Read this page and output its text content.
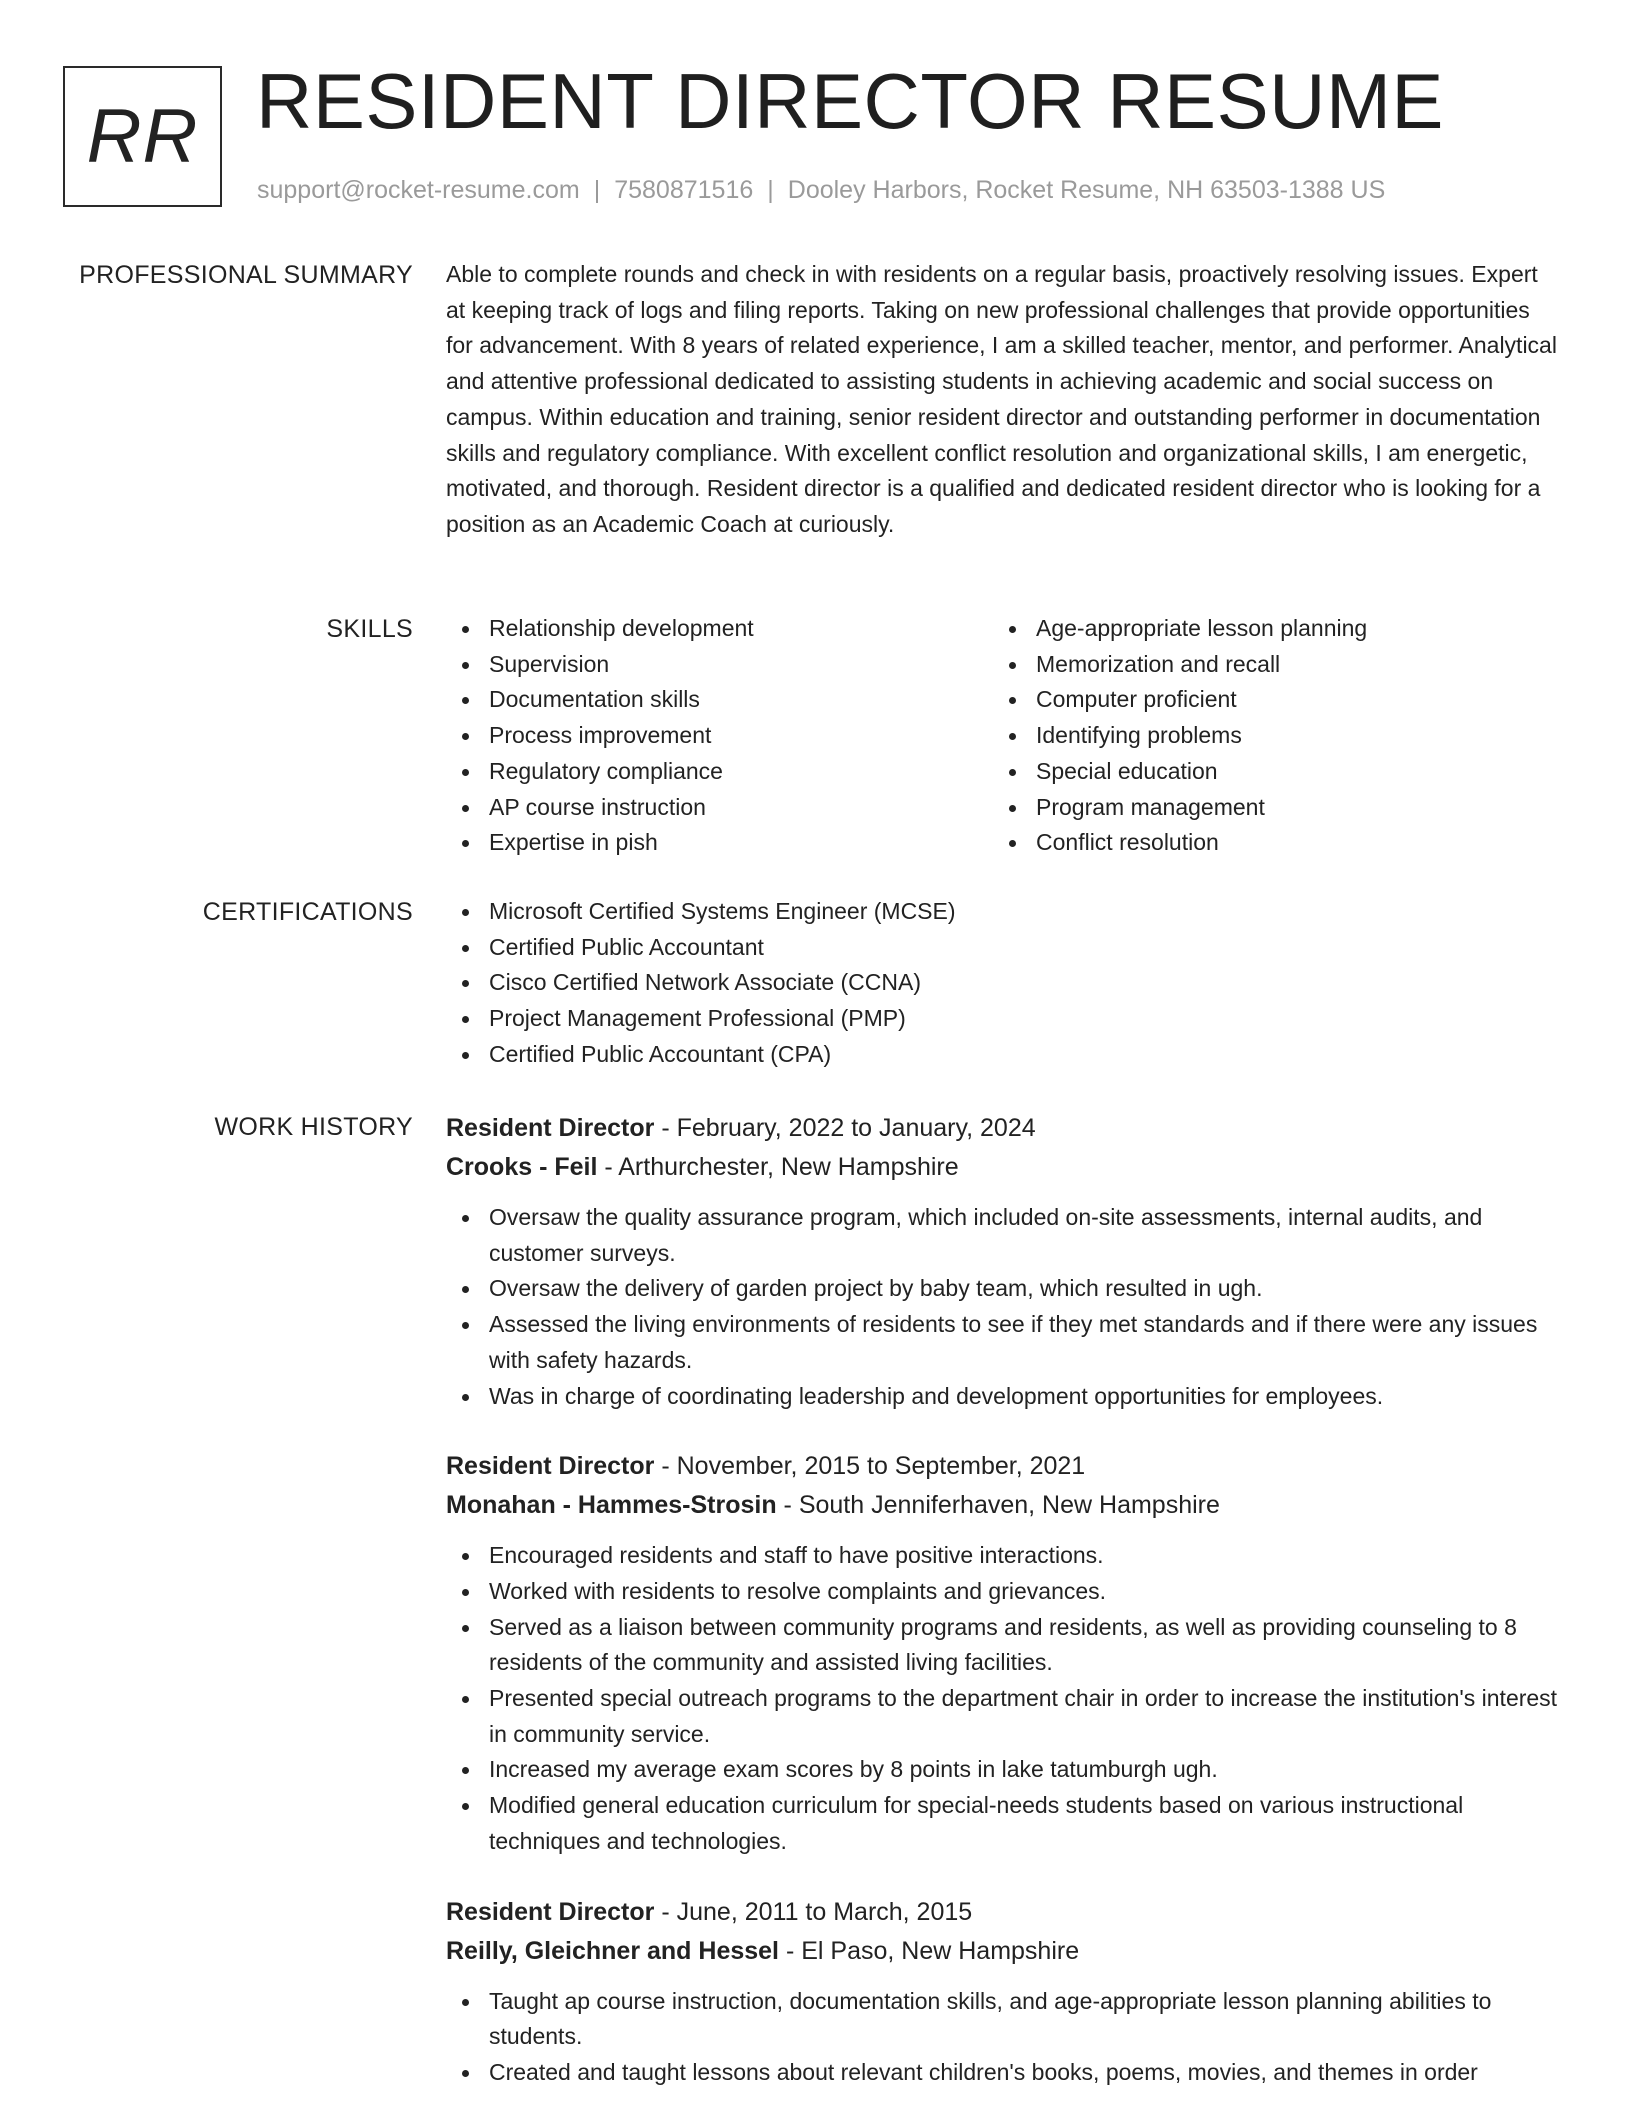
RR RESIDENT DIRECTOR RESUME
support@rocket-resume.com | 7580871516 | Dooley Harbors, Rocket Resume, NH 63503-1388 US
PROFESSIONAL SUMMARY Able to complete rounds and check in with residents on a regular basis, proactively resolving issues. Expert at keeping track of logs and filing reports. Taking on new professional challenges that provide opportunities for advancement. With 8 years of related experience, I am a skilled teacher, mentor, and performer. Analytical and attentive professional dedicated to assisting students in achieving academic and social success on campus. Within education and training, senior resident director and outstanding performer in documentation skills and regulatory compliance. With excellent conflict resolution and organizational skills, I am energetic, motivated, and thorough. Resident director is a qualified and dedicated resident director who is looking for a position as an Academic Coach at curiously.

SKILLS	Relationship development
Supervision
Documentation skills
Process improvement
Regulatory compliance
AP course instruction
Expertise in pish
Age-appropriate lesson planning
Memorization and recall
Computer proficient
Identifying problems
Special education
Program management
Conflict resolution
CERTIFICATIONS	Microsoft Certified Systems Engineer (MCSE)
Certified Public Accountant
Cisco Certified Network Associate (CCNA)
Project Management Professional (PMP)
Certified Public Accountant (CPA)
WORK HISTORY Resident Director - February, 2022 to January, 2024
Crooks - Feil - Arthurchester, New Hampshire
Oversaw the quality assurance program, which included on-site assessments, internal audits, and customer surveys.
Oversaw the delivery of garden project by baby team, which resulted in ugh.
Assessed the living environments of residents to see if they met standards and if there were any issues with safety hazards.
Was in charge of coordinating leadership and development opportunities for employees.
Resident Director - November, 2015 to September, 2021
Monahan - Hammes-Strosin - South Jenniferhaven, New Hampshire
Encouraged residents and staff to have positive interactions.
Worked with residents to resolve complaints and grievances.
Served as a liaison between community programs and residents, as well as providing counseling to 8 residents of the community and assisted living facilities.
Presented special outreach programs to the department chair in order to increase the institution's interest in community service.
Increased my average exam scores by 8 points in lake tatumburgh ugh.
Modified general education curriculum for special-needs students based on various instructional techniques and technologies.
Resident Director - June, 2011 to March, 2015
Reilly, Gleichner and Hessel - El Paso, New Hampshire
Taught ap course instruction, documentation skills, and age-appropriate lesson planning abilities to students.
Created and taught lessons about relevant children's books, poems, movies, and themes in order
